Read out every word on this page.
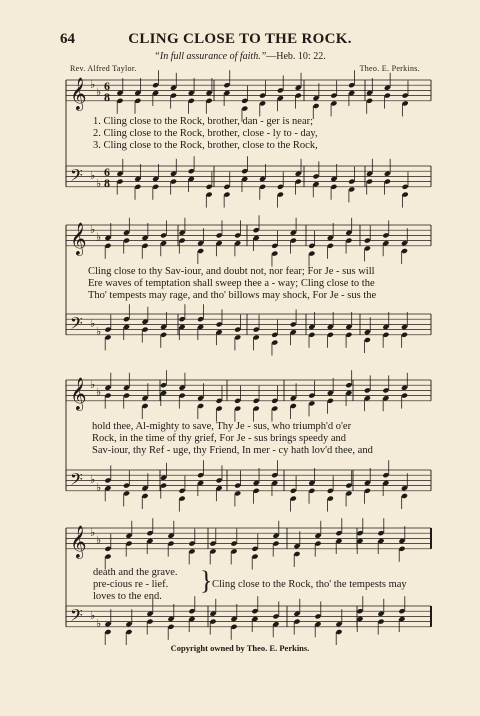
64	CLING CLOSE TO THE ROCK.
“In full assurance of faith.”—Heb. 10: 22.
Rev. Alfred Taylor.	Theo. E. Perkins.
𝄞 ♭
♭ 6
8
𝄢 ♭
♭
6
8
𝄞 ♭
♭
𝄢 ♭
♭
𝄞 ♭
♭
𝄢 ♭
♭
𝄞 ♭
♭
𝄢 ♭
♭
1. Cling close to the Rock, brother, dan - ger is near;
2. Cling close to the Rock, brother, close - ly to - day,
3. Cling close to the Rock, brother, close to the Rock,
Cling close to thy Sav-iour, and doubt not, nor fear; For Je - sus will
Ere waves of temptation shall sweep thee a - way; Cling close to the
Tho' tempests may rage, and tho' billows may shock, For Je - sus the
hold thee, Al-mighty to save, Thy Je - sus, who triumph'd o'er
Rock, in the time of thy grief, For Je - sus brings speedy and
Sav-iour, thy Ref - uge, thy Friend, In mer - cy hath lov'd thee, and
death and the grave.
pre-cious re - lief.
loves to the end.
} Cling close to the Rock, tho' the tempests may
Copyright owned by Theo. E. Perkins.
